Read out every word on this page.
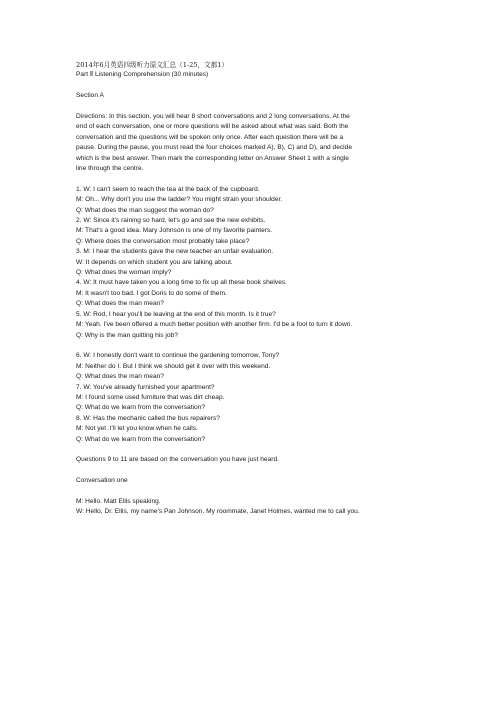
2014年6月英语四级听力原文汇总（1-25，文都1）
Part Ⅱ Listening Comprehension (30 minutes)
Section A
Directions: In this section, you will hear 8 short conversations and 2 long conversations. At the
end of each conversation, one or more questions will be asked about what was said. Both the
conversation and the questions will be spoken only once. After each question there will be a
pause. During the pause, you must read the four choices marked A), B), C) and D), and decide
which is the best answer. Then mark the corresponding letter on Answer Sheet 1 with a single
line through the centre.
1. W: I can't seem to reach the tea at the back of the cupboard.
M: Oh... Why don't you use the ladder? You might strain your shoulder.
Q: What does the man suggest the woman do?
2. W: Since it's raining so hard, let's go and see the new exhibits.
M: That's a good idea. Mary Johnson is one of my favorite painters.
Q: Where does the conversation most probably take place?
3. M: I hear the students gave the new teacher an unfair evaluation.
W: It depends on which student you are talking about.
Q: What does the woman imply?
4. W: It must have taken you a long time to fix up all these book shelves.
M: It wasn't too bad. I got Doris to do some of them.
Q: What does the man mean?
5. W: Rod, I hear you'll be leaving at the end of this month. Is it true?
M: Yeah. I've been offered a much better position with another firm. I'd be a fool to turn it down.
Q: Why is the man quitting his job?
6. W: I honestly don't want to continue the gardening tomorrow, Tony?
M: Neither do I. But I think we should get it over with this weekend.
Q: What does the man mean?
7. W: You've already furnished your apartment?
M: I found some used furniture that was dirt cheap.
Q: What do we learn from the conversation?
8. W: Has the mechanic called the bus repairers?
M: Not yet .I'll let you know when he calls.
Q: What do we learn from the conversation?
Questions 9 to 11 are based on the conversation you have just heard.
Conversation one
M: Hello. Matt Ellis speaking.
W: Hello, Dr. Ellis, my name's Pan Johnson. My roommate, Janet Holmes, wanted me to call you.
